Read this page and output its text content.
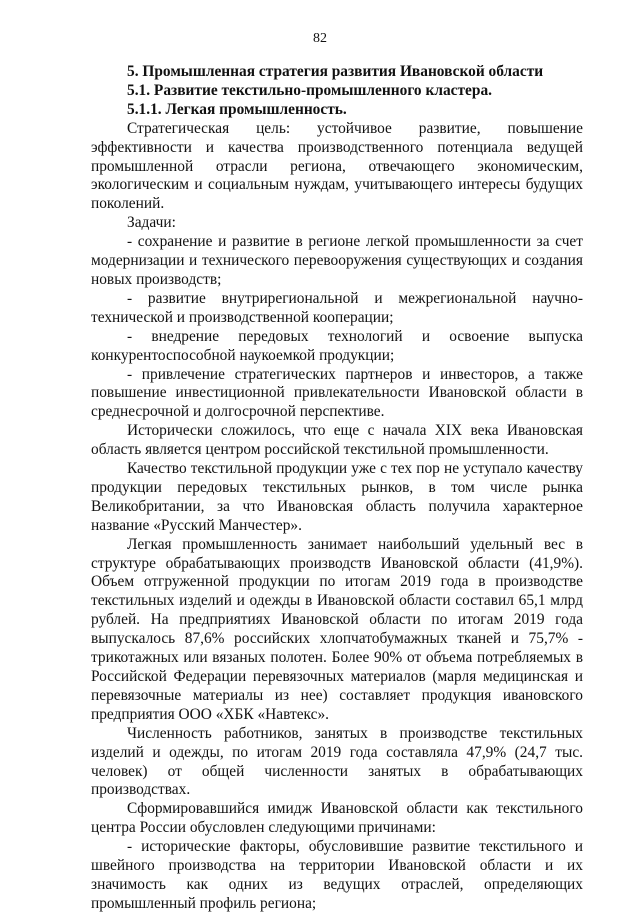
82
5. Промышленная стратегия развития Ивановской области
5.1. Развитие текстильно-промышленного кластера.
5.1.1. Легкая промышленность.

Стратегическая цель: устойчивое развитие, повышение эффективности и качества производственного потенциала ведущей промышленной отрасли региона, отвечающего экономическим, экологическим и социальным нуждам, учитывающего интересы будущих поколений.

Задачи:

- сохранение и развитие в регионе легкой промышленности за счет модернизации и технического перевооружения существующих и создания новых производств;

- развитие внутрирегиональной и межрегиональной научно-технической и производственной кооперации;

- внедрение передовых технологий и освоение выпуска конкурентоспособной наукоемкой продукции;

- привлечение стратегических партнеров и инвесторов, а также повышение инвестиционной привлекательности Ивановской области в среднесрочной и долгосрочной перспективе.

Исторически сложилось, что еще с начала XIX века Ивановская область является центром российской текстильной промышленности.

Качество текстильной продукции уже с тех пор не уступало качеству продукции передовых текстильных рынков, в том числе рынка Великобритании, за что Ивановская область получила характерное название «Русский Манчестер».

Легкая промышленность занимает наибольший удельный вес в структуре обрабатывающих производств Ивановской области (41,9%). Объем отгруженной продукции по итогам 2019 года в производстве текстильных изделий и одежды в Ивановской области составил 65,1 млрд рублей. На предприятиях Ивановской области по итогам 2019 года выпускалось 87,6% российских хлопчатобумажных тканей и 75,7% - трикотажных или вязаных полотен. Более 90% от объема потребляемых в Российской Федерации перевязочных материалов (марля медицинская и перевязочные материалы из нее) составляет продукция ивановского предприятия ООО «ХБК «Навтекс».

Численность работников, занятых в производстве текстильных изделий и одежды, по итогам 2019 года составляла 47,9% (24,7 тыс. человек) от общей численности занятых в обрабатывающих производствах.

Сформировавшийся имидж Ивановской области как текстильного центра России обусловлен следующими причинами:

- исторические факторы, обусловившие развитие текстильного и швейного производства на территории Ивановской области и их значимость как одних из ведущих отраслей, определяющих промышленный профиль региона;
